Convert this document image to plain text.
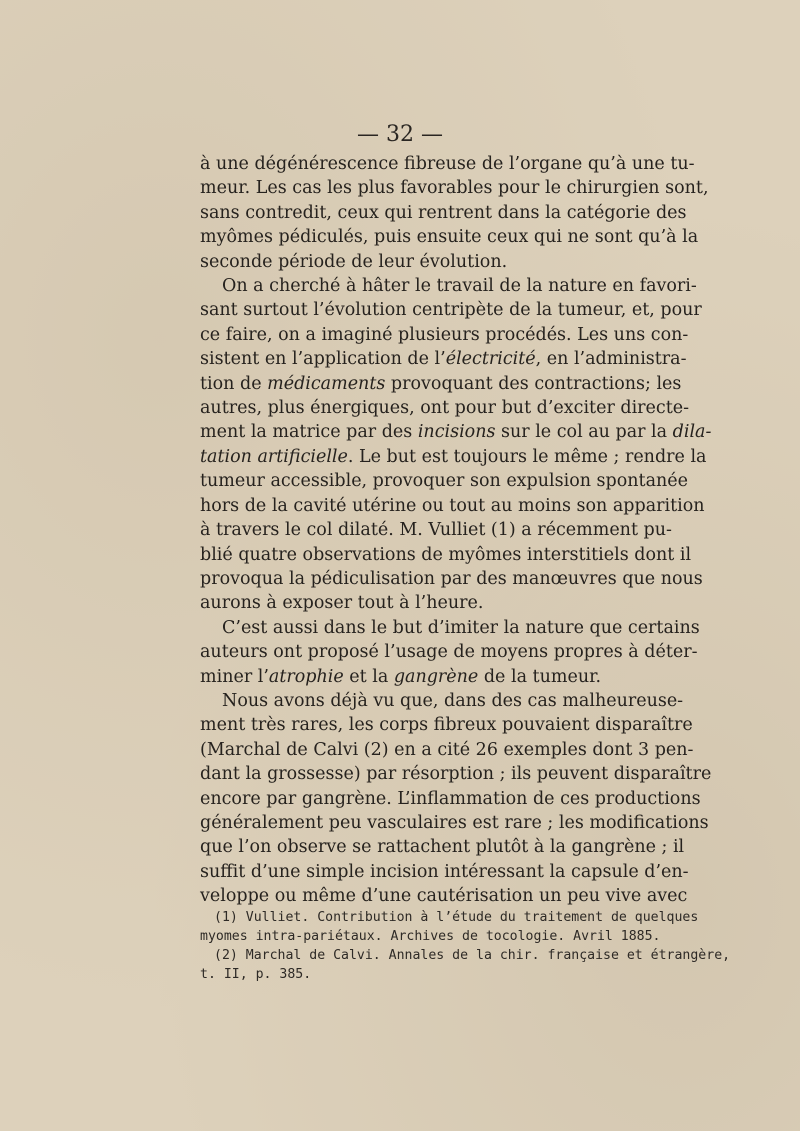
— 32 —
à une dégénérescence fibreuse de l’organe qu’à une tu-
meur. Les cas les plus favorables pour le chirurgien sont,
sans contredit, ceux qui rentrent dans la catégorie des
myômes pédiculés, puis ensuite ceux qui ne sont qu’à la
seconde période de leur évolution.
On a cherché à hâter le travail de la nature en favori-
sant surtout l’évolution centripète de la tumeur, et, pour
ce faire, on a imaginé plusieurs procédés. Les uns con-
sistent en l’application de l’électricité, en l’administra-
tion de médicaments provoquant des contractions; les
autres, plus énergiques, ont pour but d’exciter directe-
ment la matrice par des incisions sur le col au par la dila-
tation artificielle. Le but est toujours le même ; rendre la
tumeur accessible, provoquer son expulsion spontanée
hors de la cavité utérine ou tout au moins son apparition
à travers le col dilaté. M. Vulliet (1) a récemment pu-
blié quatre observations de myômes interstitiels dont il
provoqua la pédiculisation par des manœuvres que nous
aurons à exposer tout à l’heure.
C’est aussi dans le but d’imiter la nature que certains
auteurs ont proposé l’usage de moyens propres à déter-
miner l’atrophie et la gangrène de la tumeur.
Nous avons déjà vu que, dans des cas malheureuse-
ment très rares, les corps fibreux pouvaient disparaître
(Marchal de Calvi (2) en a cité 26 exemples dont 3 pen-
dant la grossesse) par résorption ; ils peuvent disparaître
encore par gangrène. L’inflammation de ces productions
généralement peu vasculaires est rare ; les modifications
que l’on observe se rattachent plutôt à la gangrène ; il
suffit d’une simple incision intéressant la capsule d’en-
veloppe ou même d’une cautérisation un peu vive avec
(1) Vulliet. Contribution à l’étude du traitement de quelques
myomes intra-pariétaux. Archives de tocologie. Avril 1885.
(2) Marchal de Calvi. Annales de la chir. française et étrangère,
t. II, p. 385.
